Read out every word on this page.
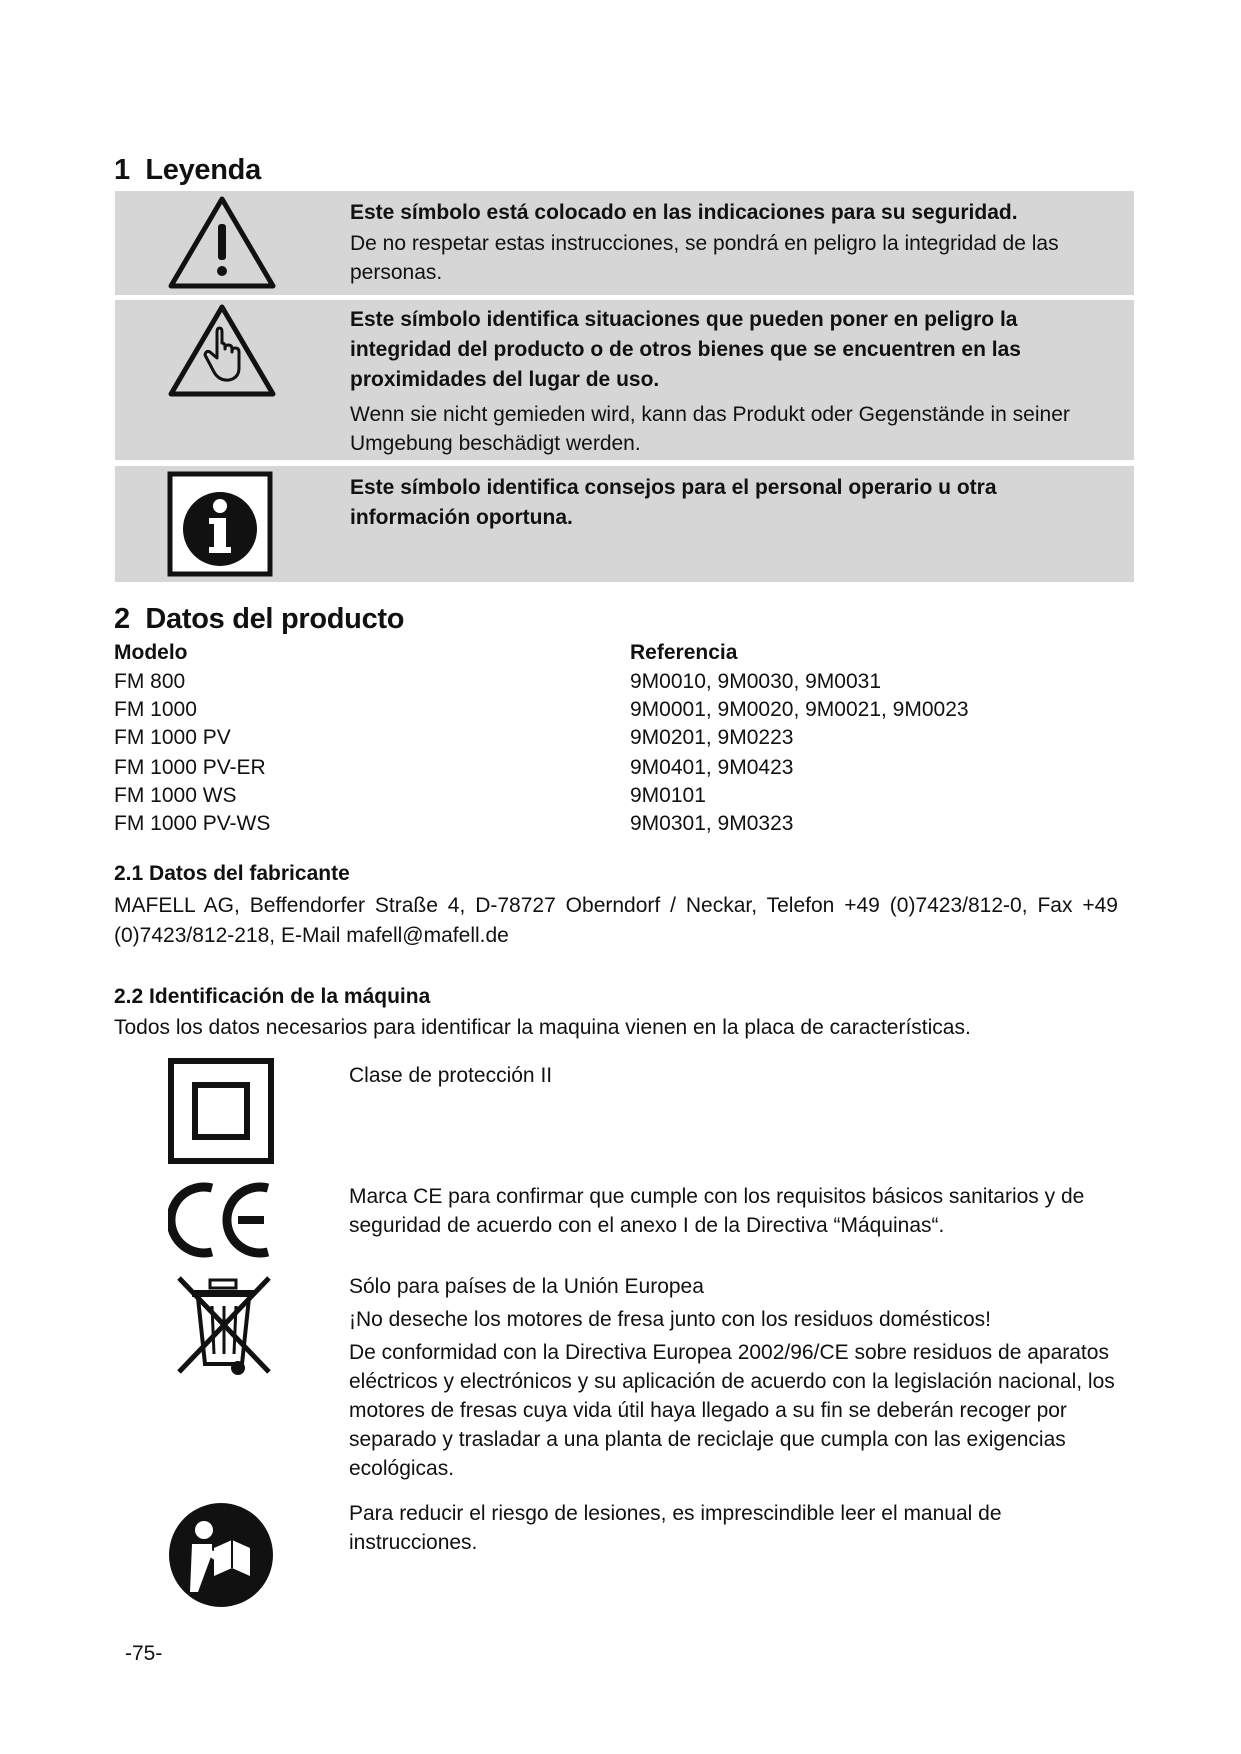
1 Leyenda
Este símbolo está colocado en las indicaciones para su seguridad.
De no respetar estas instrucciones, se pondrá en peligro la integridad de las personas.
Este símbolo identifica situaciones que pueden poner en peligro la integridad del producto o de otros bienes que se encuentren en las proximidades del lugar de uso.
Wenn sie nicht gemieden wird, kann das Produkt oder Gegenstände in seiner Umgebung beschädigt werden.
Este símbolo identifica consejos para el personal operario u otra información oportuna.
2 Datos del producto
Modelo	Referencia
FM 800	9M0010, 9M0030, 9M0031
FM 1000	9M0001, 9M0020, 9M0021, 9M0023
FM 1000 PV	9M0201, 9M0223
FM 1000 PV-ER	9M0401, 9M0423
FM 1000 WS	9M0101
FM 1000 PV-WS	9M0301, 9M0323
2.1 Datos del fabricante
MAFELL AG, Beffendorfer Straße 4, D-78727 Oberndorf / Neckar, Telefon +49 (0)7423/812-0, Fax +49 (0)7423/812-218, E-Mail mafell@mafell.de
2.2 Identificación de la máquina
Todos los datos necesarios para identificar la maquina vienen en la placa de características.
Clase de protección II
Marca CE para confirmar que cumple con los requisitos básicos sanitarios y de seguridad de acuerdo con el anexo I de la Directiva “Máquinas“.
Sólo para países de la Unión Europea
¡No deseche los motores de fresa junto con los residuos domésticos!
De conformidad con la Directiva Europea 2002/96/CE sobre residuos de aparatos eléctricos y electrónicos y su aplicación de acuerdo con la legislación nacional, los motores de fresas cuya vida útil haya llegado a su fin se deberán recoger por separado y trasladar a una planta de reciclaje que cumpla con las exigencias ecológicas.
Para reducir el riesgo de lesiones, es imprescindible leer el manual de instrucciones.
-75-
